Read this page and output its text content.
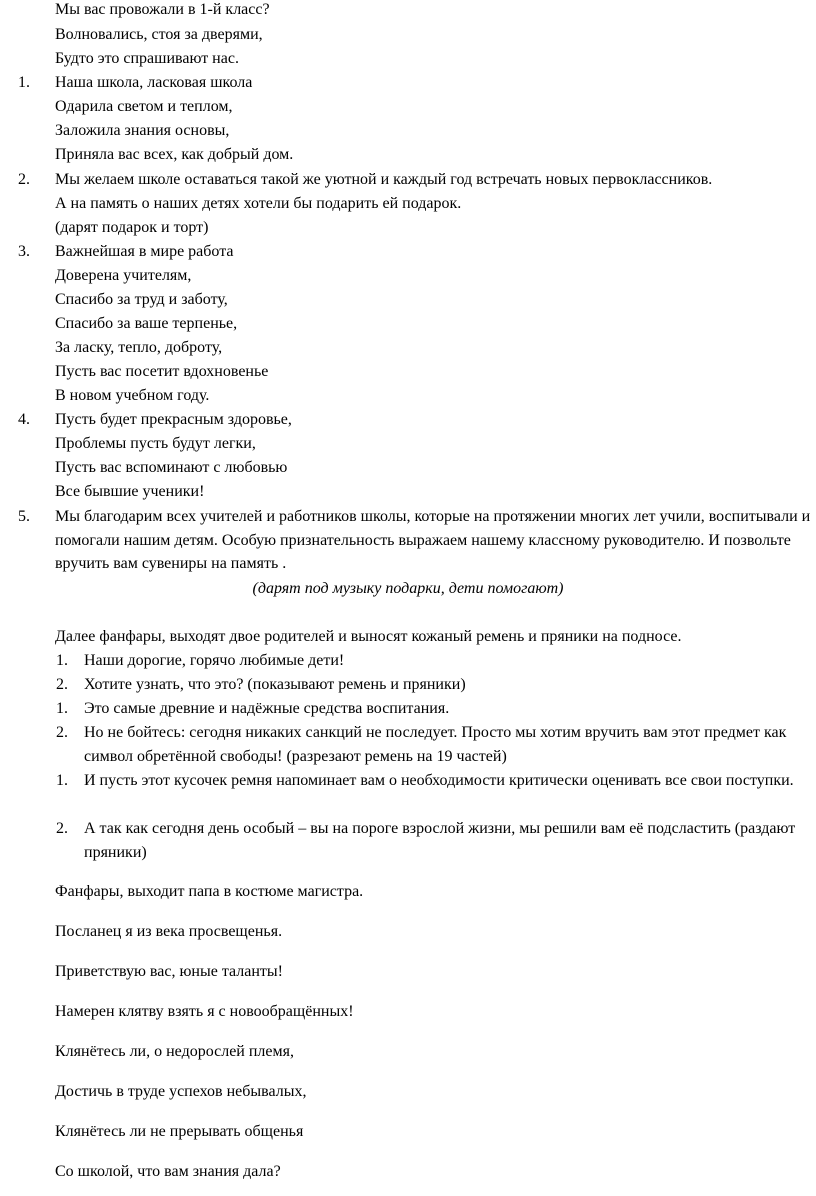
Мы вас провожали в 1-й класс?
Волновались, стоя за дверями,
Будто это спрашивают нас.
1. Наша школа, ласковая школа
Одарила светом и теплом,
Заложила знания основы,
Приняла вас всех, как добрый дом.
2. Мы желаем школе оставаться такой же уютной и каждый год встречать новых первоклассников.
А на память о наших детях хотели бы подарить ей подарок.
(дарят подарок и торт)
3. Важнейшая в мире работа
Доверена учителям,
Спасибо за труд и заботу,
Спасибо за ваше терпенье,
За ласку, тепло, доброту,
Пусть вас посетит вдохновенье
В новом учебном году.
4. Пусть будет прекрасным здоровье,
Проблемы пусть будут легки,
Пусть вас вспоминают с любовью
Все бывшие ученики!
5. Мы благодарим всех учителей и работников школы, которые на протяжении многих лет учили, воспитывали и помогали нашим детям. Особую признательность выражаем нашему классному руководителю. И позвольте вручить вам сувениры на память .
(дарят под музыку подарки, дети помогают)
Далее фанфары, выходят двое родителей и выносят кожаный ремень и пряники на подносе.
1. Наши дорогие, горячо любимые дети!
2. Хотите узнать, что это? (показывают ремень и пряники)
1. Это самые древние и надёжные средства воспитания.
2. Но не бойтесь: сегодня никаких санкций не последует. Просто мы хотим вручить вам этот предмет как символ обретённой свободы! (разрезают ремень на 19 частей)
1. И пусть этот кусочек ремня напоминает вам о необходимости критически оценивать все свои поступки.
2. А так как сегодня день особый – вы на пороге взрослой жизни, мы решили вам её подсластить (раздают пряники)
Фанфары, выходит папа в костюме магистра.
Посланец я из века просвещенья.
Приветствую вас, юные таланты!
Намерен клятву взять я с новообращённых!
Клянётесь ли, о недорослей племя,
Достичь в труде успехов небывалых,
Клянётесь ли не прерывать общенья
Со школой, что вам знания дала?
